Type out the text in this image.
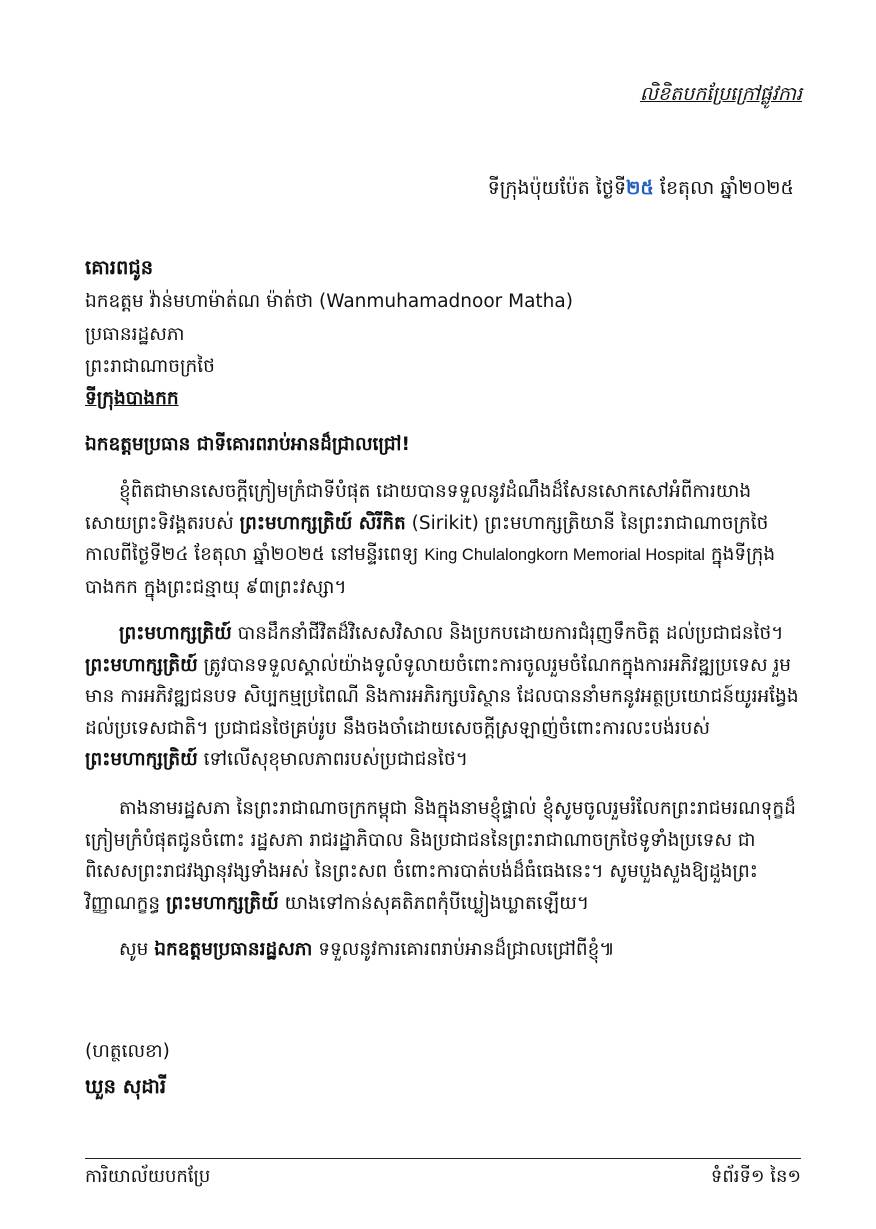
លិខិតបកប្រែក្រៅផ្លូវការ
ទីក្រុងប៉ុយប៉ែត ថ្ងៃទី២៥ ខែតុលា ឆ្នាំ២០២៥
គោរពជូន
ឯកឧត្តម វ៉ាន់មហាម៉ាត់ណ ម៉ាត់ថា (Wanmuhamadnoor Matha)
ប្រធានរដ្ឋសភា
ព្រះរាជាណាចក្រថៃ
ទីក្រុងបាងកក
ឯកឧត្តមប្រធាន ជាទីគោរពរាប់អានដ៏ជ្រាលជ្រៅ!
ខ្ញុំពិតជាមានសេចក្តីក្រៀមក្រំជាទីបំផុត ដោយបានទទួលនូវដំណឹងដ៏សែនសោកសៅអំពីការយាង សោយព្រះទិវង្គតរបស់ ព្រះមហាក្សត្រិយ៍ សិរីកិត (Sirikit) ព្រះមហាក្សត្រិយានី នៃព្រះរាជាណាចក្រថៃ កាលពីថ្ងៃទី២៤ ខែតុលា ឆ្នាំ២០២៥ នៅមន្ទីរពេទ្យ King Chulalongkorn Memorial Hospital ក្នុងទីក្រុងបាងកក ក្នុងព្រះជន្មាយុ ៩៣ព្រះវស្សា។
ព្រះមហាក្សត្រិយ៍ បានដឹកនាំជីវិតដ៏វិសេសវិសាល និងប្រកបដោយការជំរុញទឹកចិត្ត ដល់ប្រជាជនថៃ។ ព្រះមហាក្សត្រិយ៍ ត្រូវបានទទួលស្គាល់យ៉ាងទូលំទូលាយចំពោះការចូលរួមចំណែកក្នុងការអភិវឌ្ឍប្រទេស រួមមាន ការអភិវឌ្ឍជនបទ សិប្បកម្មប្រពៃណី និងការអភិរក្សបរិស្ថាន ដែលបាននាំមកនូវអត្ថប្រយោជន៍យូរអង្វែងដល់ប្រទេសជាតិ។ ប្រជាជនថៃគ្រប់រូប នឹងចងចាំដោយសេចក្តីស្រឡាញ់ចំពោះការលះបង់របស់ ព្រះមហាក្សត្រិយ៍ ទៅលើសុខុមាលភាពរបស់ប្រជាជនថៃ។
តាងនាមរដ្ឋសភា នៃព្រះរាជាណាចក្រកម្ពុជា និងក្នុងនាមខ្ញុំផ្ទាល់ ខ្ញុំសូមចូលរួមរំលែកព្រះរាជមរណទុក្ខដ៏ក្រៀមក្រំបំផុតជូនចំពោះ រដ្ឋសភា រាជរដ្ឋាភិបាល និងប្រជាជននៃព្រះរាជាណាចក្រថៃទូទាំងប្រទេស ជាពិសេសព្រះរាជវង្សានុវង្សទាំងអស់ នៃព្រះសព ចំពោះការបាត់បង់ដ៏ធំធេងនេះ។ សូមបួងសួងឱ្យដួងព្រះវិញ្ញាណក្ខន្ធ ព្រះមហាក្សត្រិយ៍ យាងទៅកាន់សុគតិភពកុំបីឃ្លៀងឃ្លាតឡើយ។
សូម ឯកឧត្តមប្រធានរដ្ឋសភា ទទួលនូវការគោរពរាប់អានដ៏ជ្រាលជ្រៅពីខ្ញុំ៕
(ហត្ថលេខា)
ឃួន សុដារី
ការិយាល័យបកប្រែ	ទំព័រទី១ នៃ១
